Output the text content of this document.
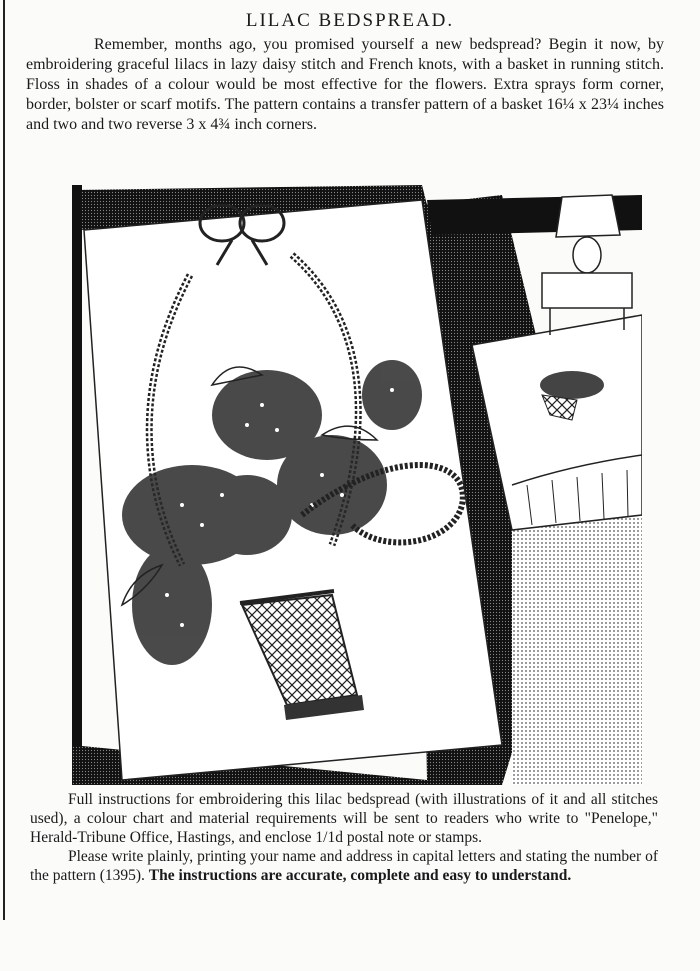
LILAC BEDSPREAD.

Remember, months ago, you promised yourself a new bedspread? Begin it now, by embroidering graceful lilacs in lazy daisy stitch and French knots, with a basket in running stitch. Floss in shades of a colour would be most effective for the flowers. Extra sprays form corner, border, bolster or scarf motifs. The pattern contains a transfer pattern of a basket 16¼ x 23¼ inches and two and two reverse 3 x 4¾ inch corners.

Full instructions for embroidering this lilac bedspread (with illustrations of it and all stitches used), a colour chart and material requirements will be sent to readers who write to "Penelope," Herald-Tribune Office, Hastings, and enclose 1/1d postal note or stamps.

Please write plainly, printing your name and address in capital letters and stating the number of the pattern (1395). The instructions are accurate, complete and easy to understand.
